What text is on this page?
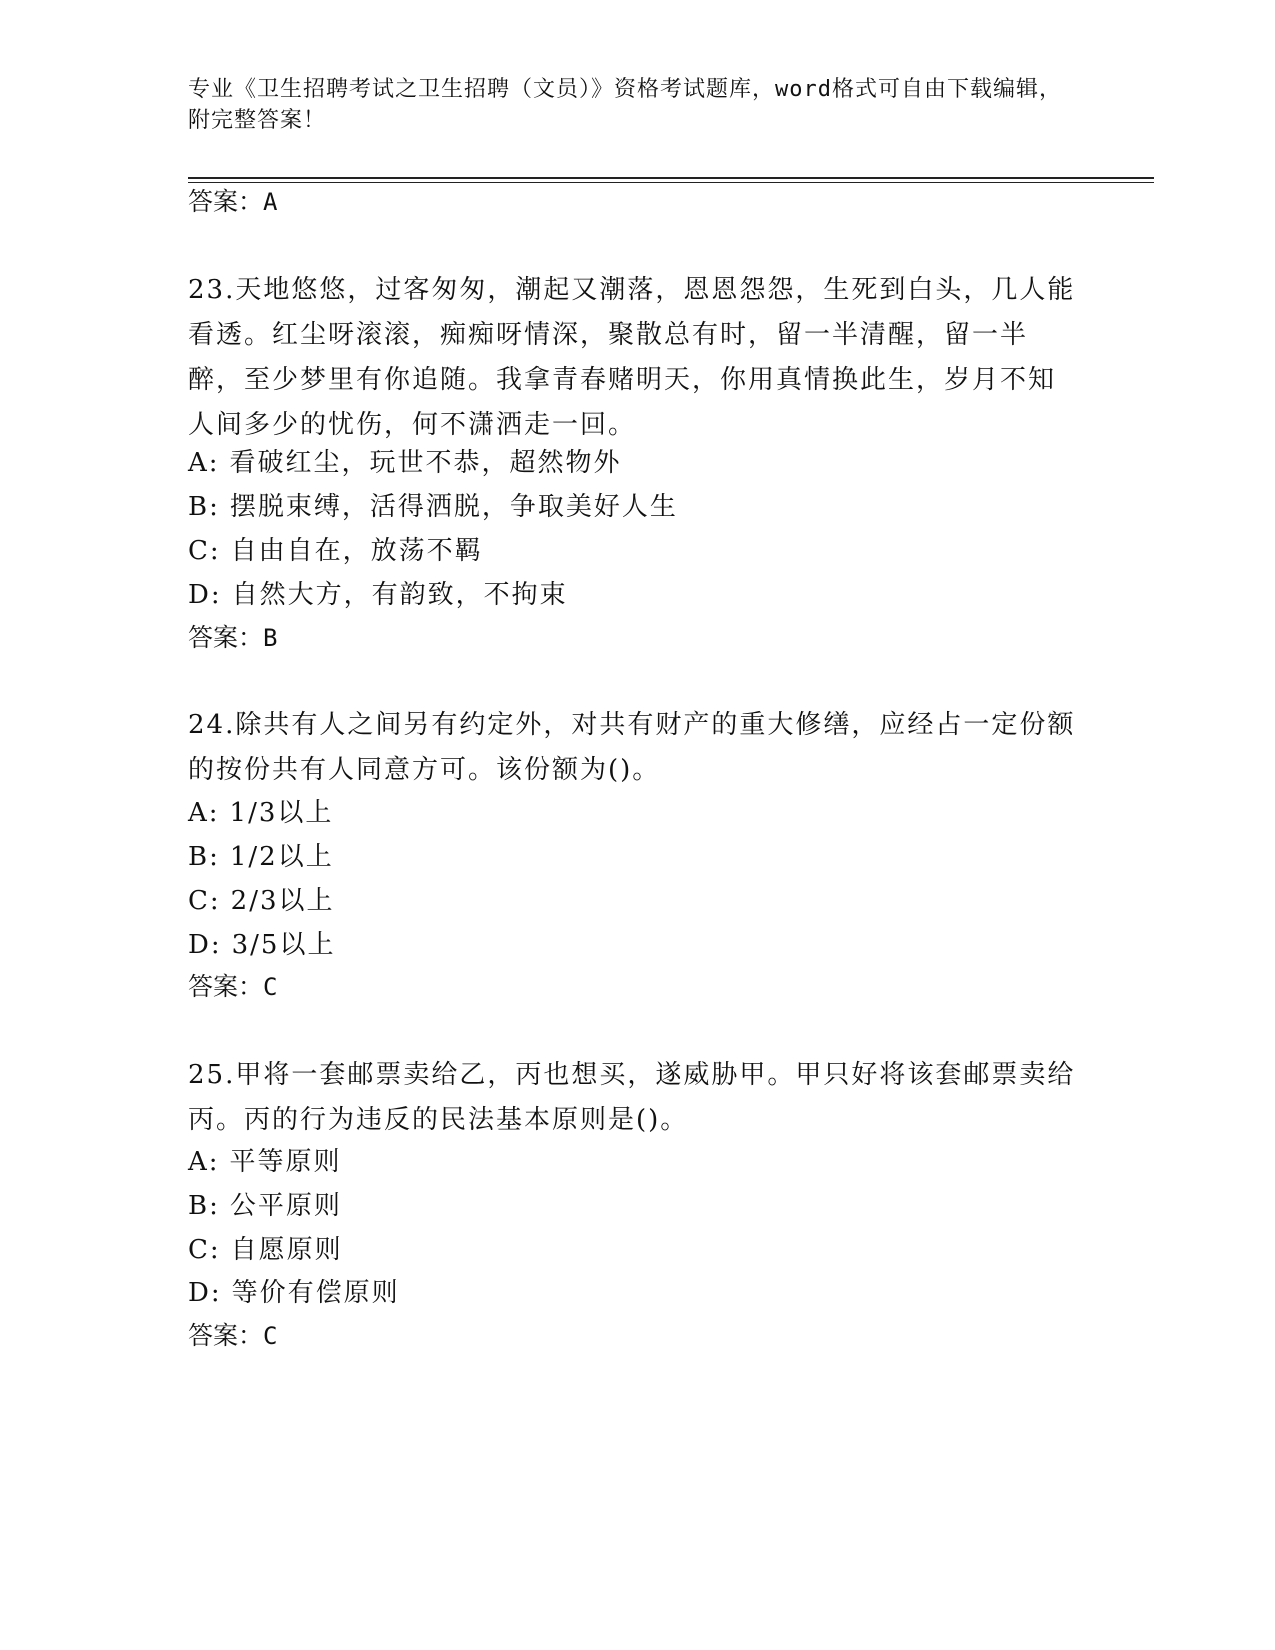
专业《卫生招聘考试之卫生招聘（文员）》资格考试题库，word格式可自由下载编辑，附完整答案！
答案：A
23.天地悠悠，过客匆匆，潮起又潮落，恩恩怨怨，生死到白头，几人能看透。红尘呀滚滚，痴痴呀情深，聚散总有时，留一半清醒，留一半醉，至少梦里有你追随。我拿青春赌明天，你用真情换此生，岁月不知人间多少的忧伤，何不潇洒走一回。
A: 看破红尘，玩世不恭，超然物外
B: 摆脱束缚，活得洒脱，争取美好人生
C: 自由自在，放荡不羁
D: 自然大方，有韵致，不拘束
答案：B
24.除共有人之间另有约定外，对共有财产的重大修缮，应经占一定份额的按份共有人同意方可。该份额为()。
A: 1/3以上
B: 1/2以上
C: 2/3以上
D: 3/5以上
答案：C
25.甲将一套邮票卖给乙，丙也想买，遂威胁甲。甲只好将该套邮票卖给丙。丙的行为违反的民法基本原则是()。
A: 平等原则
B: 公平原则
C: 自愿原则
D: 等价有偿原则
答案：C
